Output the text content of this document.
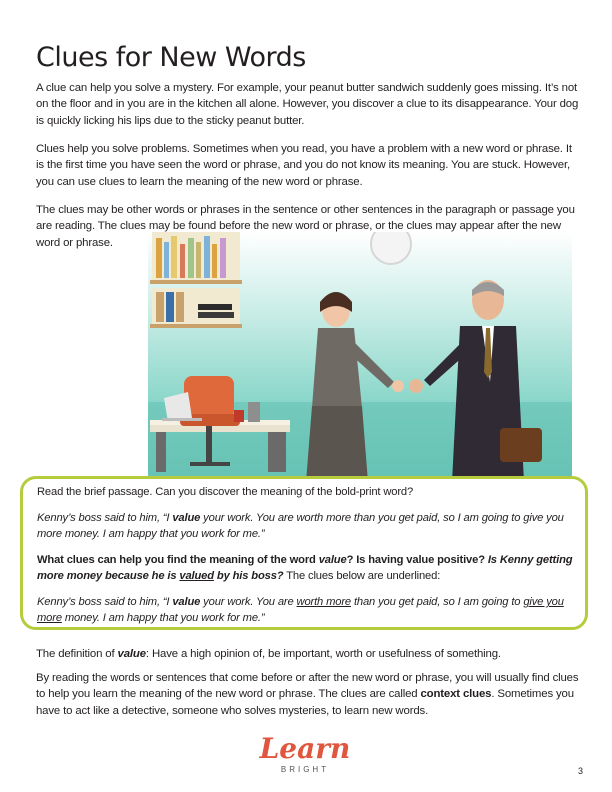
Clues for New Words

A clue can help you solve a mystery. For example, your peanut butter sandwich suddenly goes missing. It’s not on the floor and in you are in the kitchen all alone. However, you discover a clue to its disappearance. Your dog is quickly licking his lips due to the sticky peanut butter.

Clues help you solve problems. Sometimes when you read, you have a problem with a new word or phrase. It is the first time you have seen the word or phrase, and you do not know its meaning. You are stuck. However, you can use clues to learn the meaning of the new word or phrase.

The clues may be other words or phrases in the sentence or other sentences in the paragraph or passage you are reading. The clues may be found before the new word or phrase, or the clues may appear after the new word or phrase.

Read the brief passage. Can you discover the meaning of the bold-print word?

Kenny’s boss said to him, “I value your work. You are worth more than you get paid, so I am going to give you more money. I am happy that you work for me.”

What clues can help you find the meaning of the word value? Is having value positive? Is Kenny getting more money because he is valued by his boss? The clues below are underlined:

Kenny’s boss said to him, “I value your work. You are worth more than you get paid, so I am going to give you more money. I am happy that you work for me.”

The definition of value: Have a high opinion of, be important, worth or usefulness of something.

By reading the words or sentences that come before or after the new word or phrase, you will usually find clues to help you learn the meaning of the new word or phrase. The clues are called context clues. Sometimes you have to act like a detective, someone who solves mysteries, to learn new words.

Learn
BRIGHT	3
